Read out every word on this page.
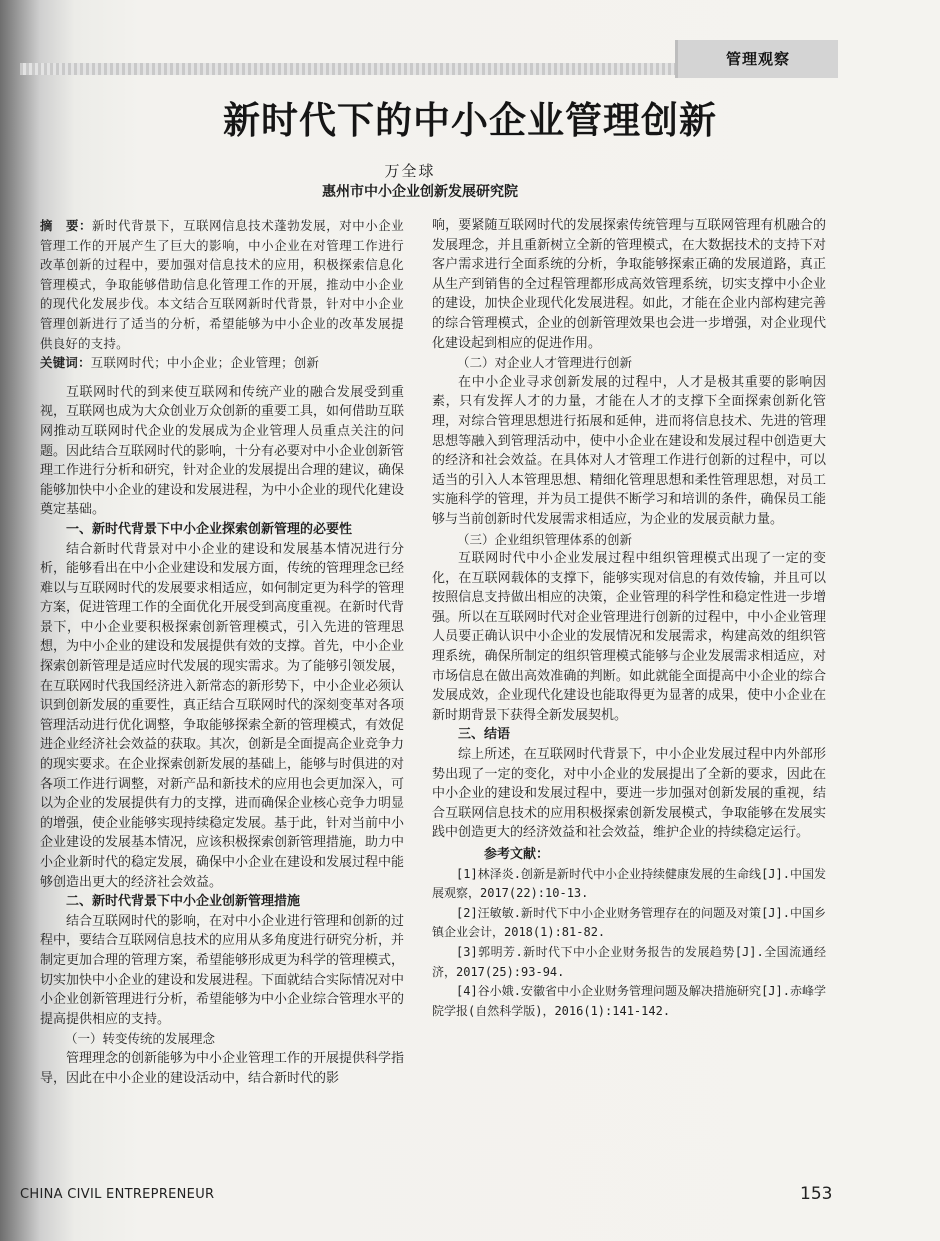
管理观察
新时代下的中小企业管理创新
万全球
惠州市中小企业创新发展研究院

摘　要：新时代背景下，互联网信息技术蓬勃发展，对中小企业管理工作的开展产生了巨大的影响，中小企业在对管理工作进行改革创新的过程中，要加强对信息技术的应用，积极探索信息化管理模式，争取能够借助信息化管理工作的开展，推动中小企业的现代化发展步伐。本文结合互联网新时代背景，针对中小企业管理创新进行了适当的分析，希望能够为中小企业的改革发展提供良好的支持。

关键词：互联网时代；中小企业；企业管理；创新

互联网时代的到来使互联网和传统产业的融合发展受到重视，互联网也成为大众创业万众创新的重要工具，如何借助互联网推动互联网时代企业的发展成为企业管理人员重点关注的问题。因此结合互联网时代的影响，十分有必要对中小企业创新管理工作进行分析和研究，针对企业的发展提出合理的建议，确保能够加快中小企业的建设和发展进程，为中小企业的现代化建设奠定基础。

一、新时代背景下中小企业探索创新管理的必要性

结合新时代背景对中小企业的建设和发展基本情况进行分析，能够看出在中小企业建设和发展方面，传统的管理理念已经难以与互联网时代的发展要求相适应，如何制定更为科学的管理方案，促进管理工作的全面优化开展受到高度重视。在新时代背景下，中小企业要积极探索创新管理模式，引入先进的管理思想，为中小企业的建设和发展提供有效的支撑。首先，中小企业探索创新管理是适应时代发展的现实需求。为了能够引领发展，在互联网时代我国经济进入新常态的新形势下，中小企业必须认识到创新发展的重要性，真正结合互联网时代的深刻变革对各项管理活动进行优化调整，争取能够探索全新的管理模式，有效促进企业经济社会效益的获取。其次，创新是全面提高企业竞争力的现实要求。在企业探索创新发展的基础上，能够与时俱进的对各项工作进行调整，对新产品和新技术的应用也会更加深入，可以为企业的发展提供有力的支撑，进而确保企业核心竞争力明显的增强，使企业能够实现持续稳定发展。基于此，针对当前中小企业建设的发展基本情况，应该积极探索创新管理措施，助力中小企业新时代的稳定发展，确保中小企业在建设和发展过程中能够创造出更大的经济社会效益。

二、新时代背景下中小企业创新管理措施

结合互联网时代的影响，在对中小企业进行管理和创新的过程中，要结合互联网信息技术的应用从多角度进行研究分析，并制定更加合理的管理方案，希望能够形成更为科学的管理模式，切实加快中小企业的建设和发展进程。下面就结合实际情况对中小企业创新管理进行分析，希望能够为中小企业综合管理水平的提高提供相应的支持。

（一）转变传统的发展理念

管理理念的创新能够为中小企业管理工作的开展提供科学指导，因此在中小企业的建设活动中，结合新时代的影

响，要紧随互联网时代的发展探索传统管理与互联网管理有机融合的发展理念，并且重新树立全新的管理模式，在大数据技术的支持下对客户需求进行全面系统的分析，争取能够探索正确的发展道路，真正从生产到销售的全过程管理都形成高效管理系统，切实支撑中小企业的建设，加快企业现代化发展进程。如此，才能在企业内部构建完善的综合管理模式，企业的创新管理效果也会进一步增强，对企业现代化建设起到相应的促进作用。

（二）对企业人才管理进行创新

在中小企业寻求创新发展的过程中，人才是极其重要的影响因素，只有发挥人才的力量，才能在人才的支撑下全面探索创新化管理，对综合管理思想进行拓展和延伸，进而将信息技术、先进的管理思想等融入到管理活动中，使中小企业在建设和发展过程中创造更大的经济和社会效益。在具体对人才管理工作进行创新的过程中，可以适当的引入人本管理思想、精细化管理思想和柔性管理思想，对员工实施科学的管理，并为员工提供不断学习和培训的条件，确保员工能够与当前创新时代发展需求相适应，为企业的发展贡献力量。

（三）企业组织管理体系的创新

互联网时代中小企业发展过程中组织管理模式出现了一定的变化，在互联网载体的支撑下，能够实现对信息的有效传输，并且可以按照信息支持做出相应的决策，企业管理的科学性和稳定性进一步增强。所以在互联网时代对企业管理进行创新的过程中，中小企业管理人员要正确认识中小企业的发展情况和发展需求，构建高效的组织管理系统，确保所制定的组织管理模式能够与企业发展需求相适应，对市场信息在做出高效准确的判断。如此就能全面提高中小企业的综合发展成效，企业现代化建设也能取得更为显著的成果，使中小企业在新时期背景下获得全新发展契机。

三、结语

综上所述，在互联网时代背景下，中小企业发展过程中内外部形势出现了一定的变化，对中小企业的发展提出了全新的要求，因此在中小企业的建设和发展过程中，要进一步加强对创新发展的重视，结合互联网信息技术的应用积极探索创新发展模式，争取能够在发展实践中创造更大的经济效益和社会效益，维护企业的持续稳定运行。

参考文献：

[1]林泽炎.创新是新时代中小企业持续健康发展的生命线[J].中国发展观察，2017(22):10-13.

[2]汪敏敏.新时代下中小企业财务管理存在的问题及对策[J].中国乡镇企业会计，2018(1):81-82.

[3]郭明芳.新时代下中小企业财务报告的发展趋势[J].全国流通经济，2017(25):93-94.

[4]谷小娥.安徽省中小企业财务管理问题及解决措施研究[J].赤峰学院学报(自然科学版)，2016(1):141-142.

CHINA CIVIL ENTREPRENEUR	153
